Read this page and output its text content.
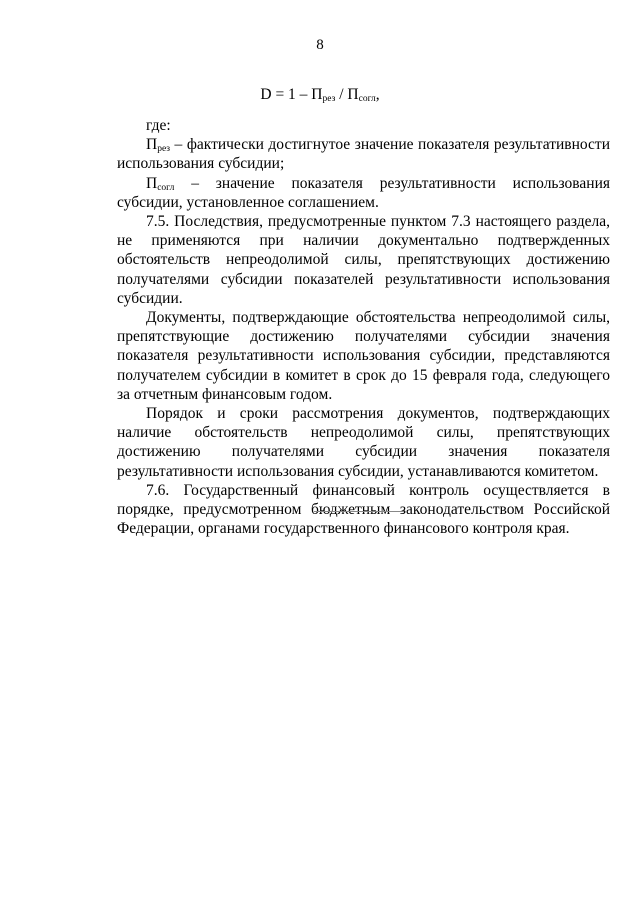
8
$D = 1 - П_{рез} / П_{согл}$,

где:

$П_{рез}$ – фактически достигнутое значение показателя результативности использования субсидии;

$П_{согл}$ – значение показателя результативности использования субсидии, установленное соглашением.

7.5. Последствия, предусмотренные пунктом 7.3 настоящего раздела, не применяются при наличии документально подтвержденных обстоятельств непреодолимой силы, препятствующих достижению получателями субсидии показателей результативности использования субсидии.

Документы, подтверждающие обстоятельства непреодолимой силы, препятствующие достижению получателями субсидии значения показателя результативности использования субсидии, представляются получателем субсидии в комитет в срок до 15 февраля года, следующего за отчетным финансовым годом.

Порядок и сроки рассмотрения документов, подтверждающих наличие обстоятельств непреодолимой силы, препятствующих достижению получателями субсидии значения показателя результативности использования субсидии, устанавливаются комитетом.

7.6. Государственный финансовый контроль осуществляется в порядке, предусмотренном бюджетным законодательством Российской Федерации, органами государственного финансового контроля края.
